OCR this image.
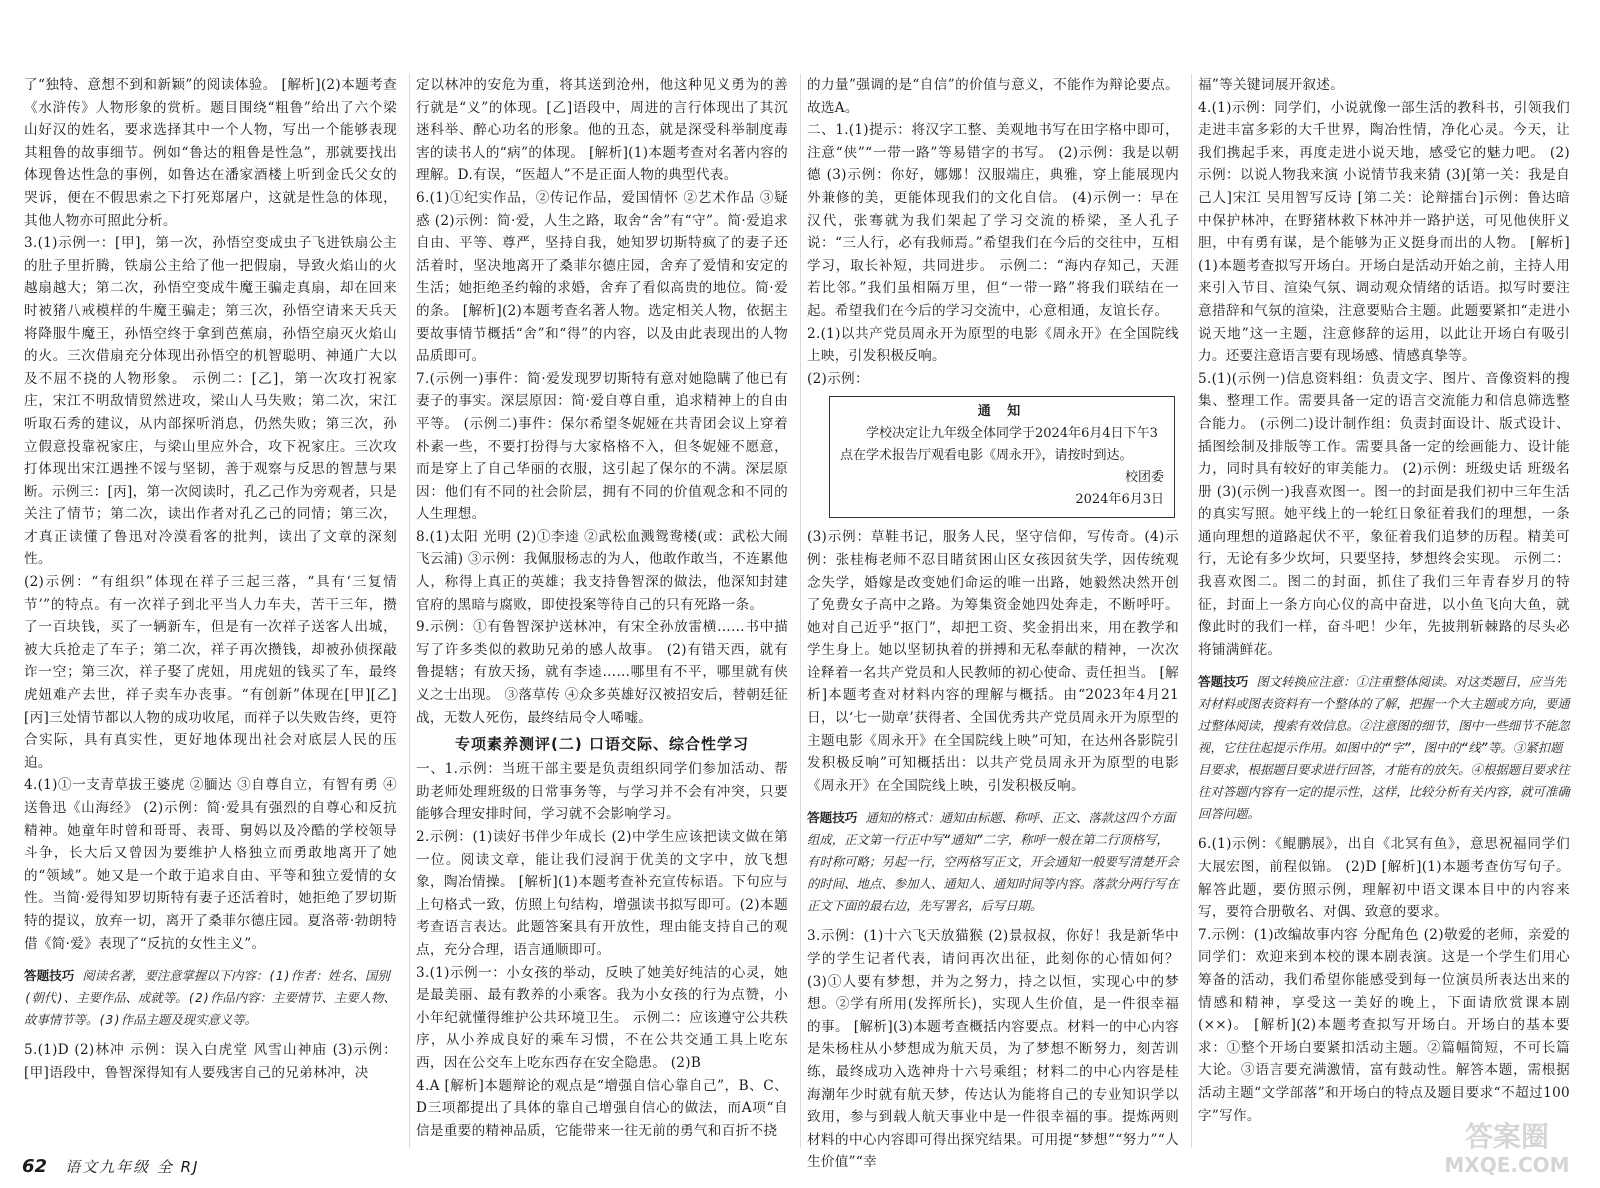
了“独特、意想不到和新颖”的阅读体验。 [解析](2)本题考查《水浒传》人物形象的赏析。题目围绕“粗鲁”给出了六个梁山好汉的姓名，要求选择其中一个人物，写出一个能够表现其粗鲁的故事细节。例如“鲁达的粗鲁是性急”，那就要找出体现鲁达性急的事例，如鲁达在潘家酒楼上听到金氏父女的哭诉，便在不假思索之下打死郑屠户，这就是性急的体现，其他人物亦可照此分析。

3.(1)示例一：[甲]，第一次，孙悟空变成虫子飞进铁扇公主的肚子里折腾，铁扇公主给了他一把假扇，导致火焰山的火越扇越大；第二次，孙悟空变成牛魔王骗走真扇，却在回来时被猪八戒模样的牛魔王骗走；第三次，孙悟空请来天兵天将降服牛魔王，孙悟空终于拿到芭蕉扇，孙悟空扇灭火焰山的火。三次借扇充分体现出孙悟空的机智聪明、神通广大以及不屈不挠的人物形象。 示例二：[乙]，第一次攻打祝家庄，宋江不明敌情贸然进攻，梁山人马失败；第二次，宋江听取石秀的建议，从内部探听消息，仍然失败；第三次，孙立假意投靠祝家庄，与梁山里应外合，攻下祝家庄。三次攻打体现出宋江遇挫不馁与坚韧，善于观察与反思的智慧与果断。示例三：[丙]，第一次阅读时，孔乙己作为旁观者，只是关注了情节；第二次，读出作者对孔乙己的同情；第三次，才真正读懂了鲁迅对冷漠看客的批判，读出了文章的深刻性。

(2)示例：“有组织”体现在祥子三起三落，“具有‘三复情节’”的特点。有一次祥子到北平当人力车夫，苦干三年，攒了一百块钱，买了一辆新车，但是有一次祥子送客人出城，被大兵抢走了车子；第二次，祥子再次攒钱，却被孙侦探敲诈一空；第三次，祥子娶了虎妞，用虎妞的钱买了车，最终虎妞难产去世，祥子卖车办丧事。“有创新”体现在[甲][乙][丙]三处情节都以人物的成功收尾，而祥子以失败告终，更符合实际，具有真实性，更好地体现出社会对底层人民的压迫。

4.(1)①一支青草拔王婆虎 ②腼达 ③自尊自立，有智有勇 ④送鲁迅《山海经》 (2)示例：简·爱具有强烈的自尊心和反抗精神。她童年时曾和哥哥、表哥、舅妈以及冷酷的学校领导斗争，长大后又曾因为要维护人格独立而勇敢地离开了她的“领域”。她又是一个敢于追求自由、平等和独立爱情的女性。当简·爱得知罗切斯特有妻子还活着时，她拒绝了罗切斯特的提议，放弃一切，离开了桑菲尔德庄园。夏洛蒂·勃朗特借《简·爱》表现了“反抗的女性主义”。

答题技巧 阅读名著，要注意掌握以下内容：(1)作者：姓名、国别(朝代)、主要作品、成就等。(2)作品内容：主要情节、主要人物、故事情节等。(3)作品主题及现实意义等。

5.(1)D (2)林冲 示例：误入白虎堂 风雪山神庙 (3)示例：[甲]语段中，鲁智深得知有人要残害自己的兄弟林冲，决

定以林冲的安危为重，将其送到沧州，他这种见义勇为的善行就是“义”的体现。[乙]语段中，周进的言行体现出了其沉迷科举、醉心功名的形象。他的丑态，就是深受科举制度毒害的读书人的“病”的体现。 [解析](1)本题考查对名著内容的理解。D.有误，“医超人”不是正面人物的典型代表。

6.(1)①纪实作品，②传记作品，爱国情怀 ②艺术作品 ③疑惑 (2)示例：简·爱，人生之路，取舍“舍”有“守”。简·爱追求自由、平等、尊严，坚持自我，她知罗切斯特疯了的妻子还活着时，坚决地离开了桑菲尔德庄园，舍弃了爱情和安定的生活；她拒绝圣约翰的求婚，舍弃了看似高贵的地位。简·爱的条。 [解析](2)本题考查名著人物。选定相关人物，依据主要故事情节概括“舍”和“得”的内容，以及由此表现出的人物品质即可。

7.(示例一)事件：简·爱发现罗切斯特有意对她隐瞒了他已有妻子的事实。深层原因：简·爱自尊自重，追求精神上的自由平等。 (示例二)事件：保尔希望冬妮娅在共青团会议上穿着朴素一些，不要打扮得与大家格格不入，但冬妮娅不愿意，而是穿上了自己华丽的衣服，这引起了保尔的不满。深层原因：他们有不同的社会阶层，拥有不同的价值观念和不同的人生理想。

8.(1)太阳 光明 (2)①李逵 ②武松血溅鸳鸯楼(或：武松大闹飞云浦) ③示例：我佩服杨志的为人，他敢作敢当，不连累他人，称得上真正的英雄；我支持鲁智深的做法，他深知封建官府的黑暗与腐败，即使投案等待自己的只有死路一条。

9.示例：①有鲁智深护送林冲，有宋全孙放雷横……书中描写了许多类似的救助兄弟的感人故事。 (2)有错天西，就有鲁提辖；有放天扬，就有李逵……哪里有不平，哪里就有侠义之士出现。 ③落草传 ④众多英雄好汉被招安后，替朝廷征战，无数人死伤，最终结局令人唏嘘。

专项素养测评(二) 口语交际、综合性学习

一、1.示例：当班干部主要是负责组织同学们参加活动、帮助老师处理班级的日常事务等，与学习并不会有冲突，只要能够合理安排时间，学习就不会影响学习。

2.示例：(1)读好书伴少年成长 (2)中学生应该把读文做在第一位。阅读文章，能让我们浸润于优美的文字中，放飞想象，陶冶情操。 [解析](1)本题考查补充宣传标语。下句应与上句格式一致，仿照上句结构，增强读书拟写即可。(2)本题考查语言表达。此题答案具有开放性，理由能支持自己的观点，充分合理，语言通顺即可。

3.(1)示例一：小女孩的举动，反映了她美好纯洁的心灵，她是最美丽、最有教养的小乘客。我为小女孩的行为点赞，小小年纪就懂得维护公共环境卫生。 示例二：应该遵守公共秩序，从小养成良好的乘车习惯，不在公共交通工具上吃东西，因在公交车上吃东西存在安全隐患。 (2)B

4.A [解析]本题辩论的观点是“增强自信心靠自己”，B、C、D三项都提出了具体的靠自己增强自信心的做法，而A项“自信是重要的精神品质，它能带来一往无前的勇气和百折不挠

的力量”强调的是“自信”的价值与意义，不能作为辩论要点。故选A。

二、1.(1)提示：将汉字工整、美观地书写在田字格中即可，注意“侠”“一带一路”等易错字的书写。 (2)示例：我是以朝德 (3)示例：你好，娜娜！汉服端庄，典雅，穿上能展现内外兼修的美，更能体现我们的文化自信。 (4)示例一：早在汉代，张骞就为我们架起了学习交流的桥梁，圣人孔子说：“三人行，必有我师焉。”希望我们在今后的交往中，互相学习，取长补短，共同进步。 示例二：“海内存知己，天涯若比邻。”我们虽相隔万里，但“一带一路”将我们联结在一起。希望我们在今后的学习交流中，心意相通，友谊长存。

2.(1)以共产党员周永开为原型的电影《周永开》在全国院线上映，引发积极反响。

(2)示例：

通 知
学校决定让九年级全体同学于2024年6月4日下午3点在学术报告厅观看电影《周永开》，请按时到达。
校团委
2024年6月3日

(3)示例：草鞋书记，服务人民，坚守信仰，写传奇。(4)示例：张桂梅老师不忍目睹贫困山区女孩因贫失学，因传统观念失学，婚嫁是改变她们命运的唯一出路，她毅然决然开创了免费女子高中之路。为筹集资金她四处奔走，不断呼吁。她对自己近乎“抠门”，却把工资、奖金捐出来，用在教学和学生身上。她以坚韧执着的拼搏和无私奉献的精神，一次次诠释着一名共产党员和人民教师的初心使命、责任担当。 [解析]本题考查对材料内容的理解与概括。由“2023年4月21日，以‘七一勋章’获得者、全国优秀共产党员周永开为原型的主题电影《周永开》在全国院线上映”可知，在达州各影院引发积极反响”可知概括出：以共产党员周永开为原型的电影《周永开》在全国院线上映，引发积极反响。

答题技巧 通知的格式：通知由标题、称呼、正文、落款这四个方面组成，正文第一行正中写“通知”二字，称呼一般在第二行顶格写，有时称可略；另起一行，空两格写正文，开会通知一般要写清楚开会的时间、地点、参加人、通知人、通知时间等内容。落款分两行写在正文下面的最右边，先写署名，后写日期。

3.示例：(1)十六飞天放猫猴 (2)景叔叔，你好！我是新华中学的学生记者代表，请问再次出征，此刻你的心情如何？(3)①人要有梦想，并为之努力，持之以恒，实现心中的梦想。②学有所用(发挥所长)，实现人生价值，是一件很幸福的事。 [解析](3)本题考查概括内容要点。材料一的中心内容是朱杨柱从小梦想成为航天员，为了梦想不断努力，刻苦训练，最终成功入选神舟十六号乘组；材料二的中心内容是桂海潮年少时就有航天梦，传达认为能将自己的专业知识学以致用，参与到载人航天事业中是一件很幸福的事。提炼两则材料的中心内容即可得出探究结果。可用提“梦想”“努力”“人生价值”“幸

福”等关键词展开叙述。

4.(1)示例：同学们，小说就像一部生活的教科书，引领我们走进丰富多彩的大千世界，陶冶性情，净化心灵。今天，让我们携起手来，再度走进小说天地，感受它的魅力吧。 (2)示例：以说人物我来演 小说情节我来猜 (3)[第一关：我是自己人]宋江 吴用智写反诗 [第二关：论辩擂台]示例：鲁达暗中保护林冲，在野猪林救下林冲并一路护送，可见他侠肝义胆，中有勇有谋，是个能够为正义挺身而出的人物。 [解析](1)本题考查拟写开场白。开场白是活动开始之前，主持人用来引入节目、渲染气氛、调动观众情绪的话语。拟写时要注意措辞和气氛的渲染，注意要贴合主题。此题要紧扣“走进小说天地”这一主题，注意修辞的运用，以此让开场白有吸引力。还要注意语言要有现场感、情感真挚等。

5.(1)(示例一)信息资料组：负责文字、图片、音像资料的搜集、整理工作。需要具备一定的语言交流能力和信息筛选整合能力。 (示例二)设计制作组：负责封面设计、版式设计、插图绘制及排版等工作。需要具备一定的绘画能力、设计能力，同时具有较好的审美能力。 (2)示例：班级史话 班级名册 (3)(示例一)我喜欢图一。图一的封面是我们初中三年生活的真实写照。她平线上的一轮红日象征着我们的理想，一条通向理想的道路起伏不平，象征着我们追梦的历程。精美可行，无论有多少坎坷，只要坚持，梦想终会实现。 示例二：我喜欢图二。图二的封面，抓住了我们三年青春岁月的特征，封面上一条方向心仪的高中奋进，以小鱼飞向大鱼，就像此时的我们一样，奋斗吧！少年，先披荆斩棘路的尽头必将铺满鲜花。

答题技巧 图文转换应注意：①注重整体阅读。对这类题目，应当先对材料或图表资料有一个整体的了解，把握一个大主题或方向，要通过整体阅读，搜索有效信息。②注意图的细节，图中一些细节不能忽视，它往往起提示作用。如图中的“字”，图中的“线”等。③紧扣题目要求，根据题目要求进行回答，才能有的放矢。④根据题目要求往往对答题内容有一定的提示性，这样，比较分析有关内容，就可准确回答问题。

6.(1)示例：《鲲鹏展》，出自《北冥有鱼》，意思祝福同学们大展宏图，前程似锦。 (2)D [解析](1)本题考查仿写句子。解答此题，要仿照示例，理解初中语文课本目中的内容来写，要符合册敬名、对偶、致意的要求。

7.示例：(1)改编故事内容 分配角色 (2)敬爱的老师，亲爱的同学们：欢迎来到本校的课本剧表演。这是一个学生们用心筹备的活动，我们希望你能感受到每一位演员所表达出来的情感和精神，享受这一美好的晚上，下面请欣赏课本剧(××)。 [解析](2)本题考查拟写开场白。开场白的基本要求：①整个开场白要紧扣活动主题。②篇幅简短，不可长篇大论。③语言要充满激情，富有鼓动性。解答本题，需根据活动主题“文学部落”和开场白的特点及题目要求“不超过100字”写作。

62 语文九年级 全 RJ
答案圈
MXQE.COM
